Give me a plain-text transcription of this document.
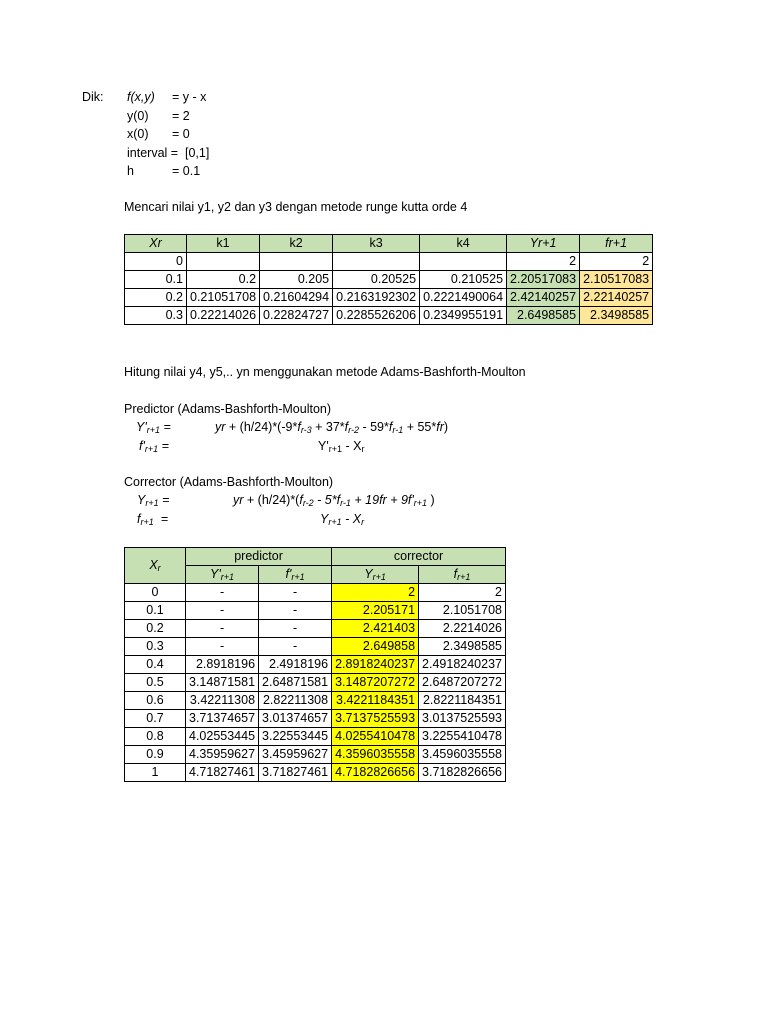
Dik: f(x,y) = y - x
y(0) = 2
x(0) = 0
interval = [0,1]
h	= 0.1
Mencari nilai y1, y2 dan y3 dengan metode runge kutta orde 4
Xr	k1	k2	k3	k4	Yr+1	fr+1
0					2	2
0.1	0.2	0.205	0.20525	0.210525	2.20517083	2.10517083
0.2	0.21051708	0.21604294	0.2163192302	0.2221490064	2.42140257	2.22140257
0.3	0.22214026	0.22824727	0.2285526206	0.2349955191	2.6498585	2.3498585
Hitung nilai y4, y5,.. yn menggunakan metode Adams-Bashforth-Moulton
Predictor (Adams-Bashforth-Moulton)
$Y'_{r+1}$ =	yr + $(h/24)*(-9*f_{r-3} + 37*f_{r-2} - 59*f_{r-1} + 55*fr)$
$f'_{r+1}$ =	$Y'_{r+1} - X_r$
Corrector (Adams-Bashforth-Moulton)
$Y_{r+1}$ =	yr + $(h/24)*(f_{r-2} - 5*f_{r-1} + 19fr + 9f'_{r+1}$ )
$f_{r+1}$  =	$Y_{r+1} - X_r$
$X_r$	predictor		corrector	
	$Y'_{r+1}$	$f'_{r+1}$	$Y_{r+1}$	$f_{r+1}$
0	-	-	2	2
0.1	-	-	2.205171	2.1051708
0.2	-	-	2.421403	2.2214026
0.3	-	-	2.649858	2.3498585
0.4	2.8918196	2.4918196	2.8918240237	2.4918240237
0.5	3.14871581	2.64871581	3.1487207272	2.6487207272
0.6	3.42211308	2.82211308	3.4221184351	2.8221184351
0.7	3.71374657	3.01374657	3.7137525593	3.0137525593
0.8	4.02553445	3.22553445	4.0255410478	3.2255410478
0.9	4.35959627	3.45959627	4.3596035558	3.4596035558
1	4.71827461	3.71827461	4.7182826656	3.7182826656
